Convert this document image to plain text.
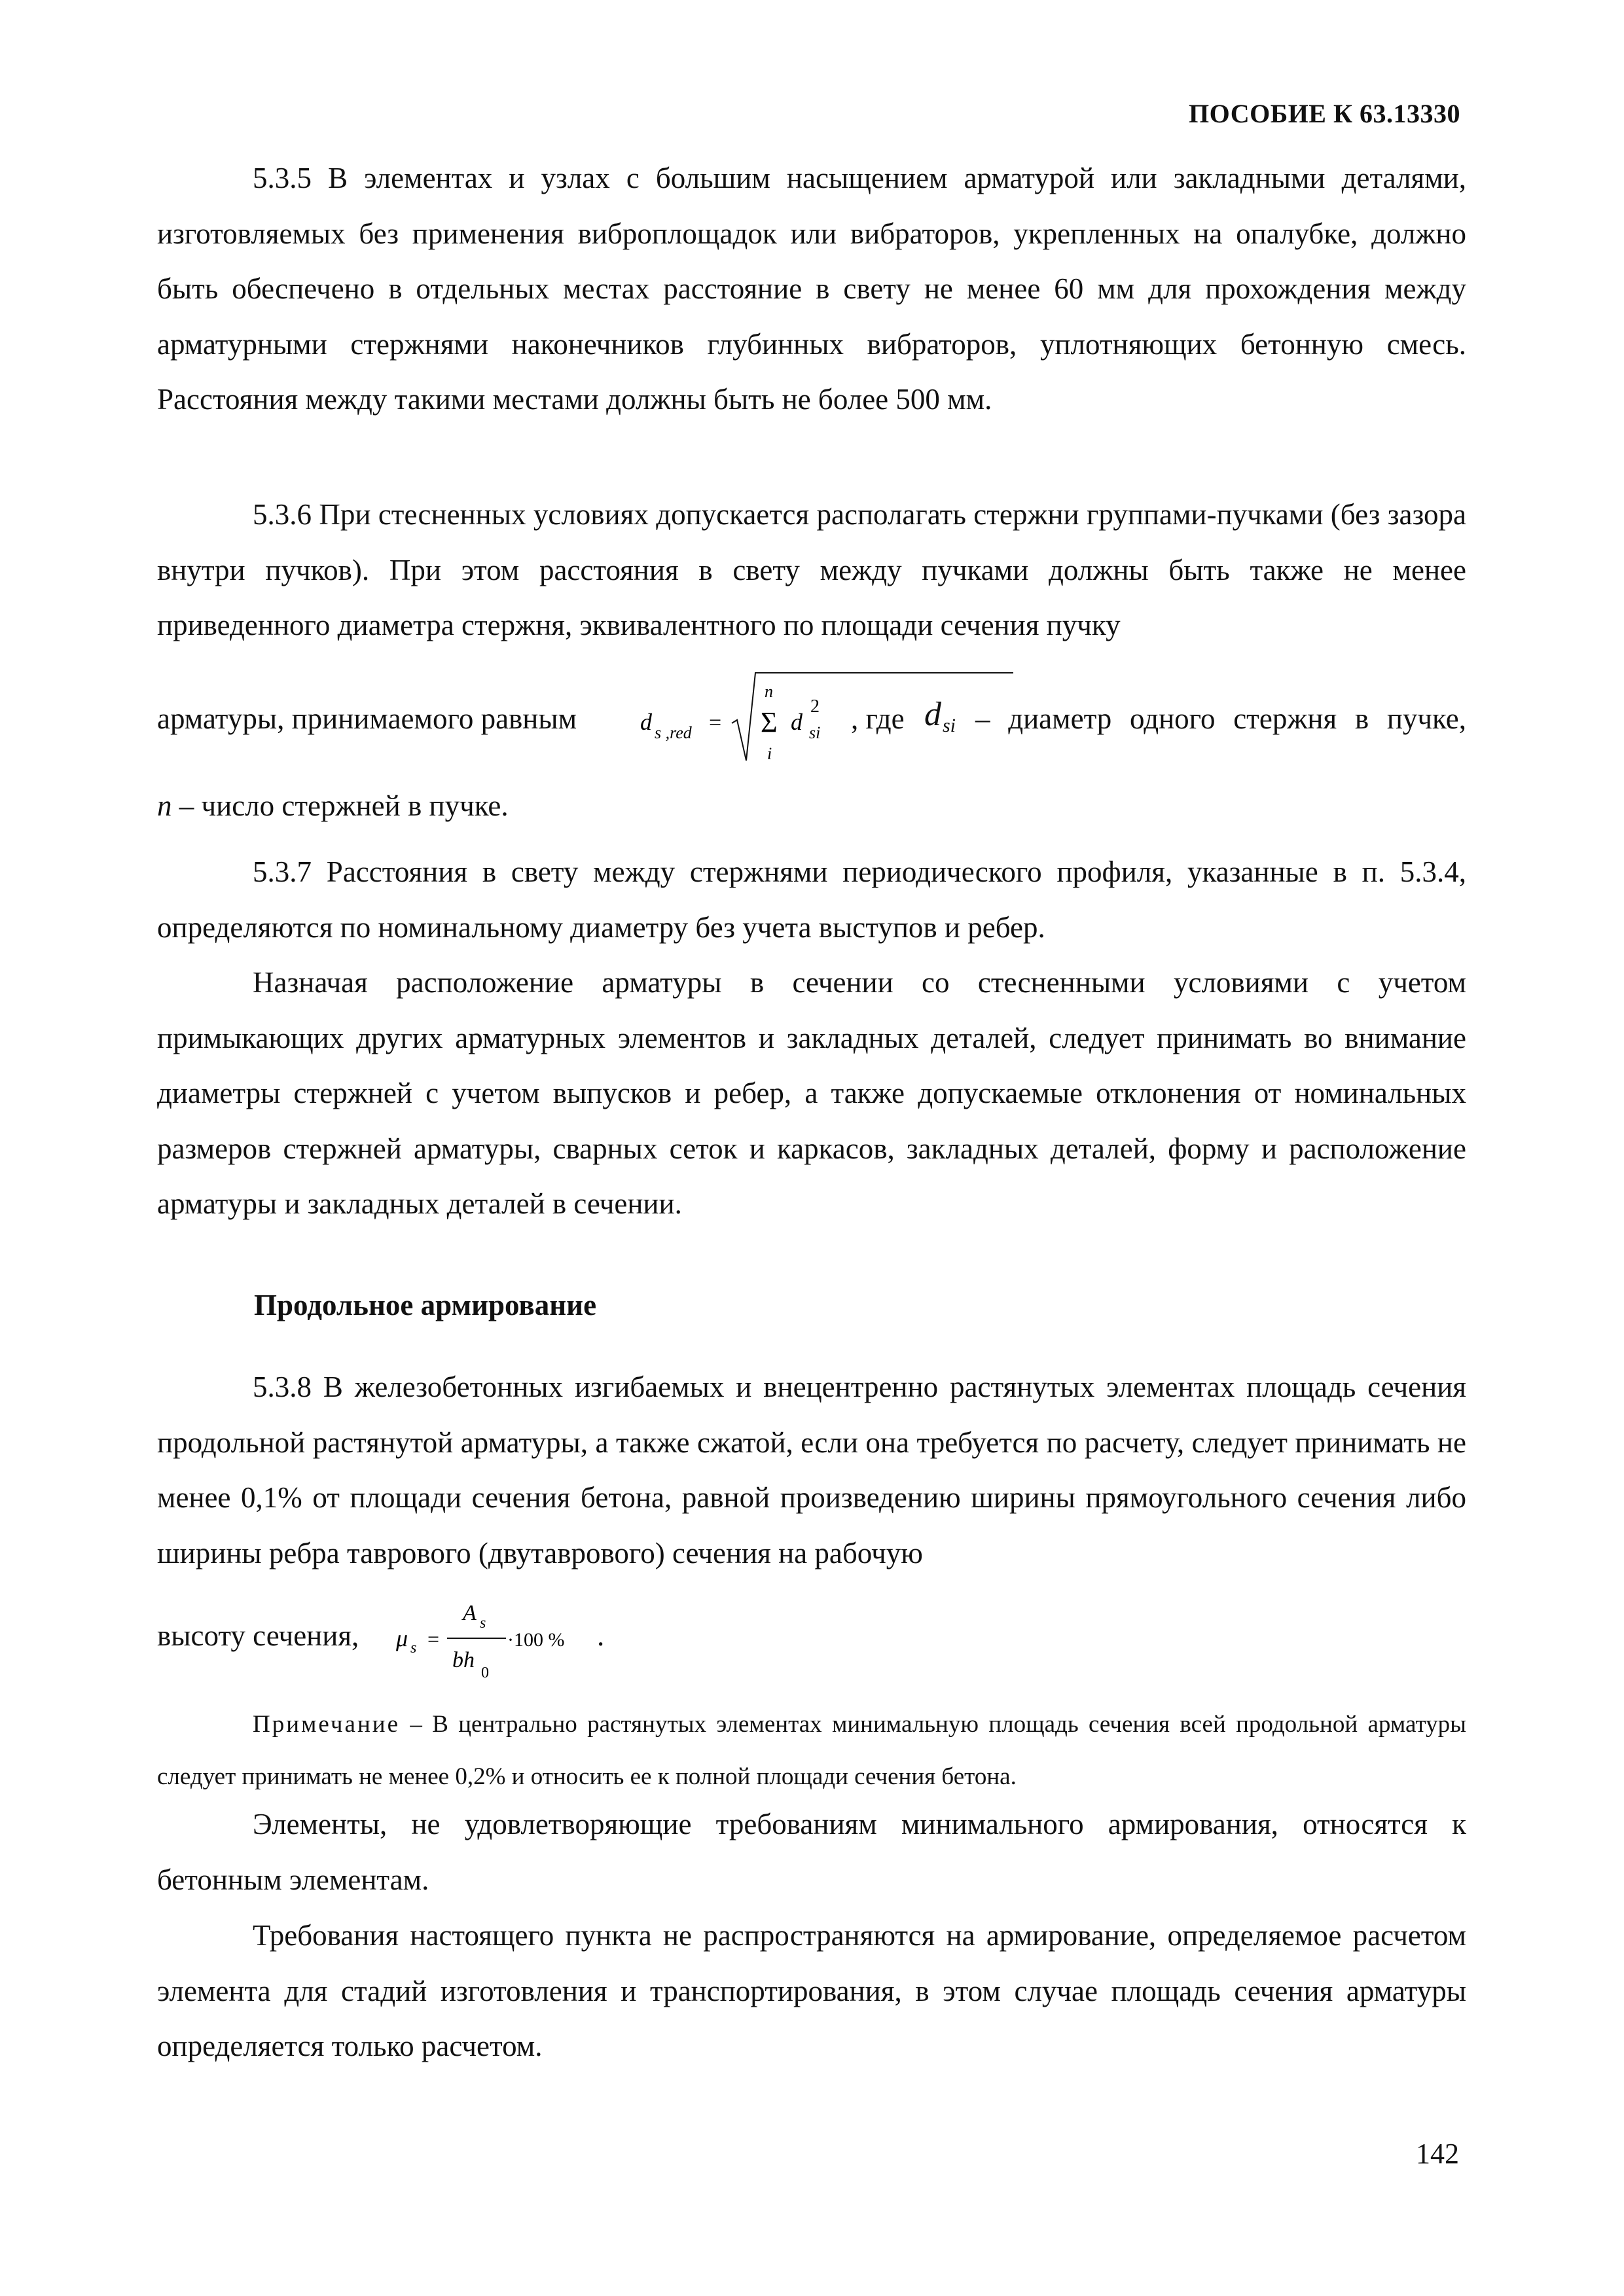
ПОСОБИЕ К 63.13330
5.3.5 В элементах и узлах с большим насыщением арматурой или закладными деталями, изготовляемых без применения виброплощадок или вибраторов, укрепленных на опалубке, должно быть обеспечено в отдельных местах расстояние в свету не менее 60 мм для прохождения между арматурными стержнями наконечников глубинных вибраторов, уплотняющих бетонную смесь. Расстояния между такими местами должны быть не более 500 мм.
5.3.6 При стесненных условиях допускается располагать стержни группами-пучками (без зазора внутри пучков). При этом расстояния в свету между пучками должны быть также не менее приведенного диаметра стержня, эквивалентного по площади сечения пучку
арматуры, принимаемого равным	d s ,red =
n
Σ
i
d
2
si , где d si – диаметр одного стержня в пучке,
n – число стержней в пучке.
5.3.7 Расстояния в свету между стержнями периодического профиля, указанные в п. 5.3.4, определяются по номинальному диаметру без учета выступов и ребер.
Назначая расположение арматуры в сечении со стесненными условиями с учетом примыкающих других арматурных элементов и закладных деталей, следует принимать во внимание диаметры стержней с учетом выпусков и ребер, а также допускаемые отклонения от номинальных размеров стержней арматуры, сварных сеток и каркасов, закладных деталей, форму и расположение арматуры и закладных деталей в сечении.
Продольное армирование
5.3.8 В железобетонных изгибаемых и внецентренно растянутых элементах площадь сечения продольной растянутой арматуры, а также сжатой, если она требуется по расчету, следует принимать не менее 0,1% от площади сечения бетона, равной произведению ширины прямоугольного сечения либо ширины ребра таврового (двутаврового) сечения на рабочую
высоту сечения, μ s =
A s
bh
0
·100 % .
Примечание – В центрально растянутых элементах минимальную площадь сечения всей продольной арматуры следует принимать не менее 0,2% и относить ее к полной площади сечения бетона.
Элементы, не удовлетворяющие требованиям минимального армирования, относятся к бетонным элементам.
Требования настоящего пункта не распространяются на армирование, определяемое расчетом элемента для стадий изготовления и транспортирования, в этом случае площадь сечения арматуры определяется только расчетом.
142
